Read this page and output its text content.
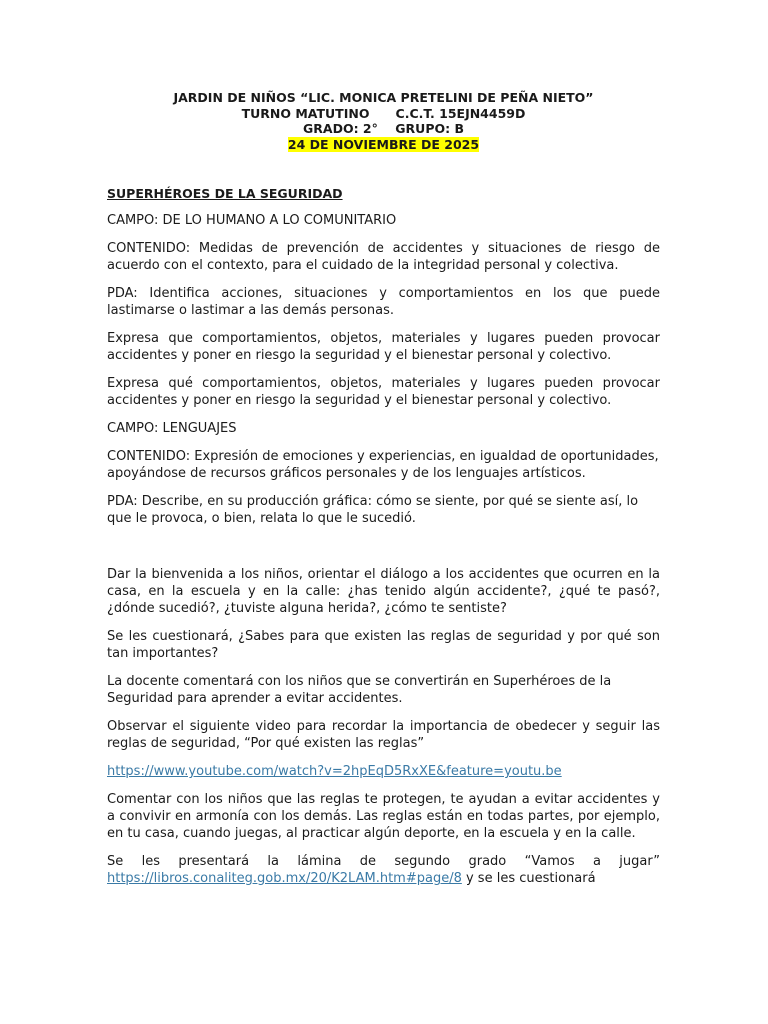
JARDIN DE NIÑOS “LIC. MONICA PRETELINI DE PEÑA NIETO”
TURNO MATUTINO      C.C.T. 15EJN4459D
GRADO: 2°    GRUPO: B
24 DE NOVIEMBRE DE 2025
SUPERHÉROES DE LA SEGURIDAD

CAMPO: DE LO HUMANO A LO COMUNITARIO

CONTENIDO: Medidas de prevención de accidentes y situaciones de riesgo de acuerdo con el contexto, para el cuidado de la integridad personal y colectiva.

PDA: Identifica acciones, situaciones y comportamientos en los que puede lastimarse o lastimar a las demás personas.

Expresa que comportamientos, objetos, materiales y lugares pueden provocar accidentes y poner en riesgo la seguridad y el bienestar personal y colectivo.

Expresa qué comportamientos, objetos, materiales y lugares pueden provocar accidentes y poner en riesgo la seguridad y el bienestar personal y colectivo.

CAMPO: LENGUAJES

CONTENIDO: Expresión de emociones y experiencias, en igualdad de oportunidades, apoyándose de recursos gráficos personales y de los lenguajes artísticos.

PDA: Describe, en su producción gráfica: cómo se siente, por qué se siente así, lo que le provoca, o bien, relata lo que le sucedió.

Dar la bienvenida a los niños, orientar el diálogo a los accidentes que ocurren en la casa, en la escuela y en la calle: ¿has tenido algún accidente?, ¿qué te pasó?, ¿dónde sucedió?, ¿tuviste alguna herida?, ¿cómo te sentiste?

Se les cuestionará, ¿Sabes para que existen las reglas de seguridad y por qué son tan importantes?

La docente comentará con los niños que se convertirán en Superhéroes de la Seguridad para aprender a evitar accidentes.

Observar el siguiente video para recordar la importancia de obedecer y seguir las reglas de seguridad, “Por qué existen las reglas”

https://www.youtube.com/watch?v=2hpEqD5RxXE&feature=youtu.be

Comentar con los niños que las reglas te protegen, te ayudan a evitar accidentes y a convivir en armonía con los demás. Las reglas están en todas partes, por ejemplo, en tu casa, cuando juegas, al practicar algún deporte, en la escuela y en la calle.

Se les presentará la lámina de segundo grado “Vamos a jugar”

https://libros.conaliteg.gob.mx/20/K2LAM.htm#page/8 y se les cuestionará
